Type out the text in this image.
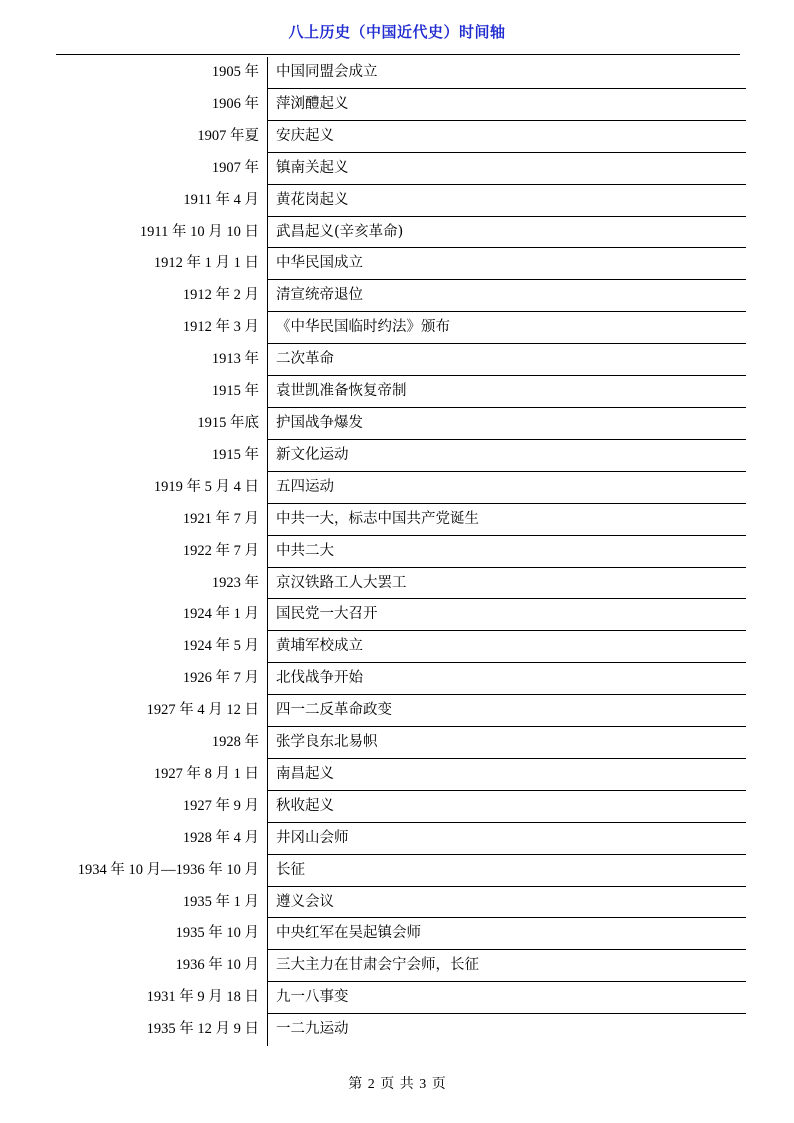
八上历史（中国近代史）时间轴
1905 年	中国同盟会成立
1906 年	萍浏醴起义
1907 年夏	安庆起义
1907 年	镇南关起义
1911 年 4 月	黄花岗起义
1911 年 10 月 10 日	武昌起义(辛亥革命)
1912 年 1 月 1 日	中华民国成立
1912 年 2 月	清宣统帝退位
1912 年 3 月	《中华民国临时约法》颁布
1913 年	二次革命
1915 年	袁世凯准备恢复帝制
1915 年底	护国战争爆发
1915 年	新文化运动
1919 年 5 月 4 日	五四运动
1921 年 7 月	中共一大，标志中国共产党诞生
1922 年 7 月	中共二大
1923 年	京汉铁路工人大罢工
1924 年 1 月	国民党一大召开
1924 年 5 月	黄埔军校成立
1926 年 7 月	北伐战争开始
1927 年 4 月 12 日	四一二反革命政变
1928 年	张学良东北易帜
1927 年 8 月 1 日	南昌起义
1927 年 9 月	秋收起义
1928 年 4 月	井冈山会师
1934 年 10 月—1936 年 10 月	长征
1935 年 1 月	遵义会议
1935 年 10 月	中央红军在吴起镇会师
1936 年 10 月	三大主力在甘肃会宁会师，长征
1931 年 9 月 18 日	九一八事变
1935 年 12 月 9 日	一二九运动
第 2 页 共 3 页
